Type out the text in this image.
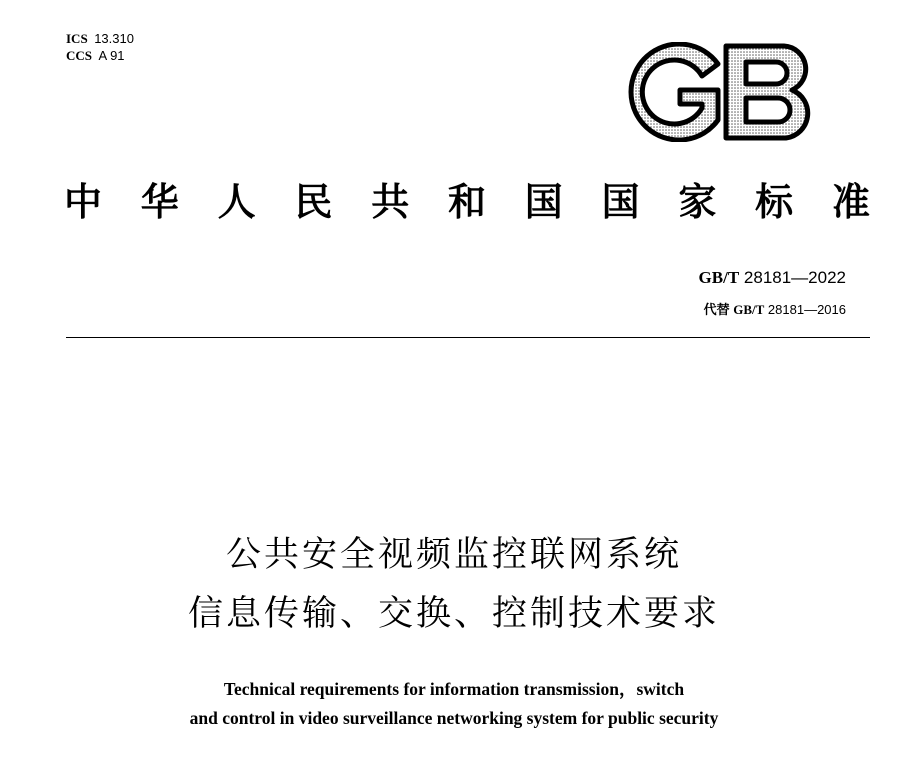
ICS 13.310
CCS A 91
GB
中 华 人 民 共 和 国 国 家 标 准
GB/T 28181—2022
代替 GB/T 28181—2016
公共安全视频监控联网系统
信息传输、交换、控制技术要求
Technical requirements for information transmission，switch
and control in video surveillance networking system for public security
